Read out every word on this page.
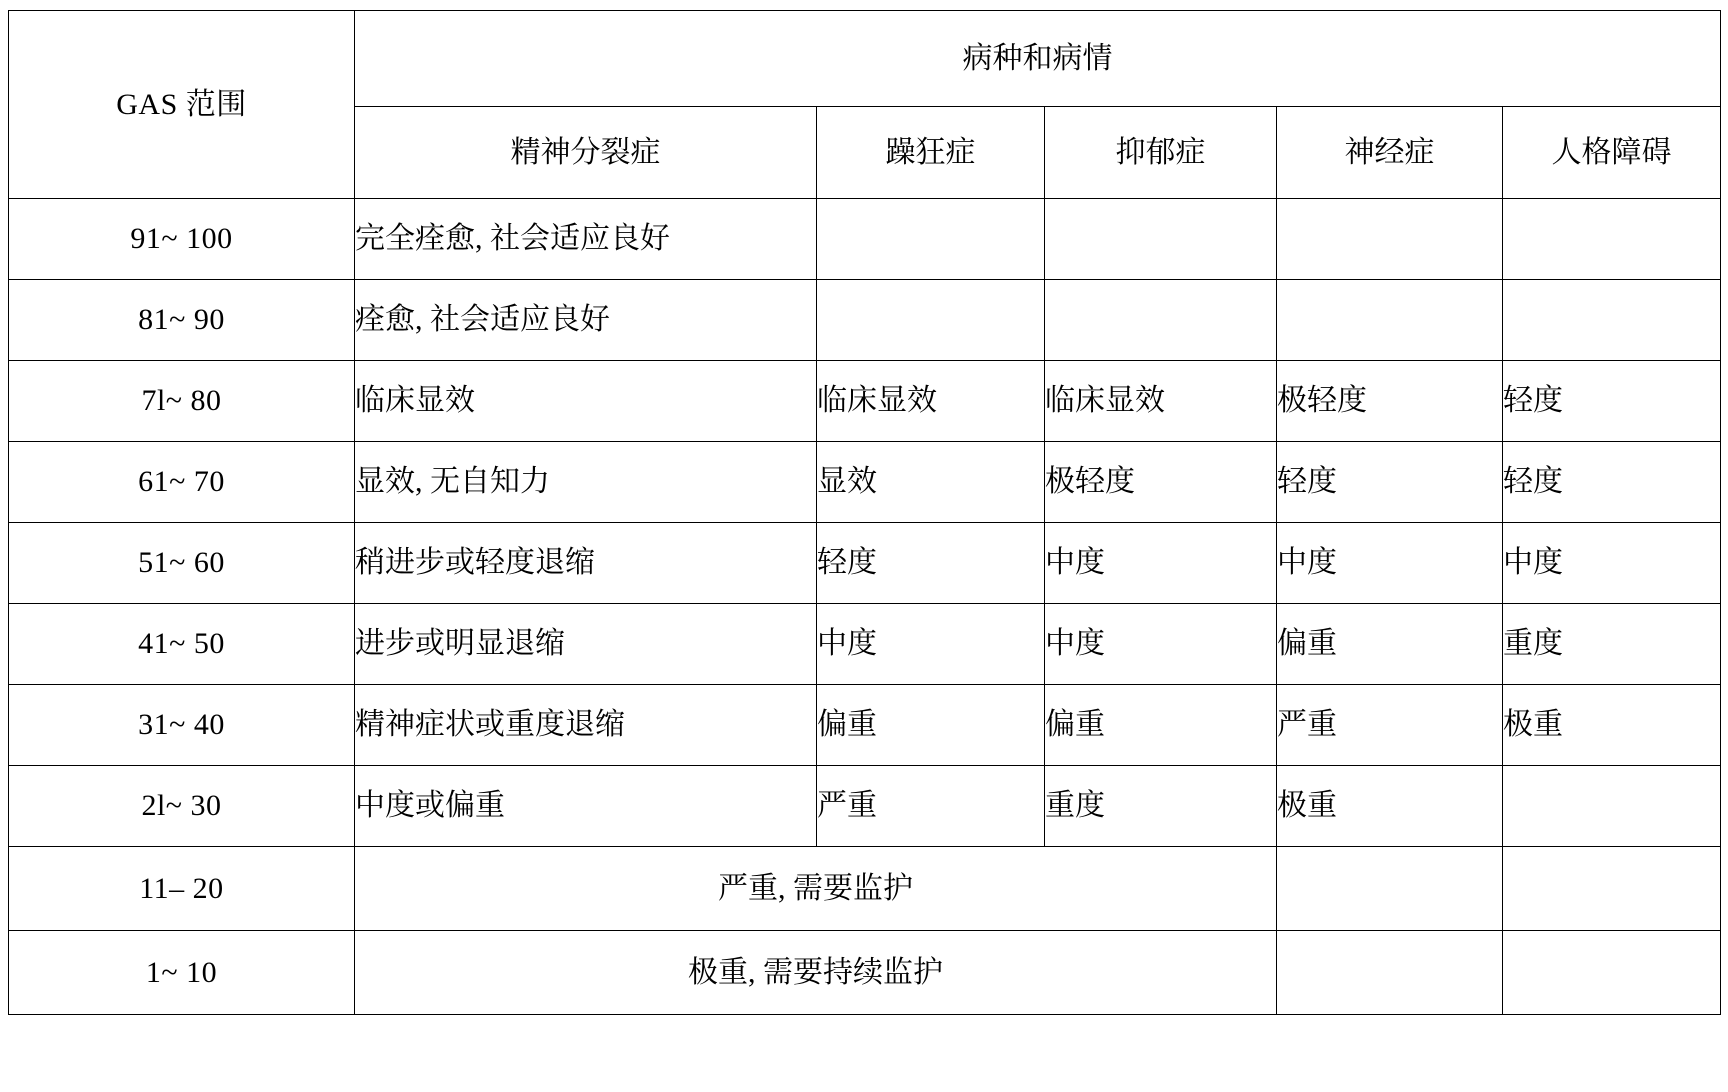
GAS 范围	病种和病情				
	精神分裂症	躁狂症	抑郁症	神经症	人格障碍
91~ 100	完全痊愈, 社会适应良好				
81~ 90	痊愈, 社会适应良好				
7l~ 80	临床显效	临床显效	临床显效	极轻度	轻度
61~ 70	显效, 无自知力	显效	极轻度	轻度	轻度
51~ 60	稍进步或轻度退缩	轻度	中度	中度	中度
41~ 50	进步或明显退缩	中度	中度	偏重	重度
31~ 40	精神症状或重度退缩	偏重	偏重	严重	极重
2l~ 30	中度或偏重	严重	重度	极重	
11– 20	严重, 需要监护				
1~ 10	极重, 需要持续监护				
